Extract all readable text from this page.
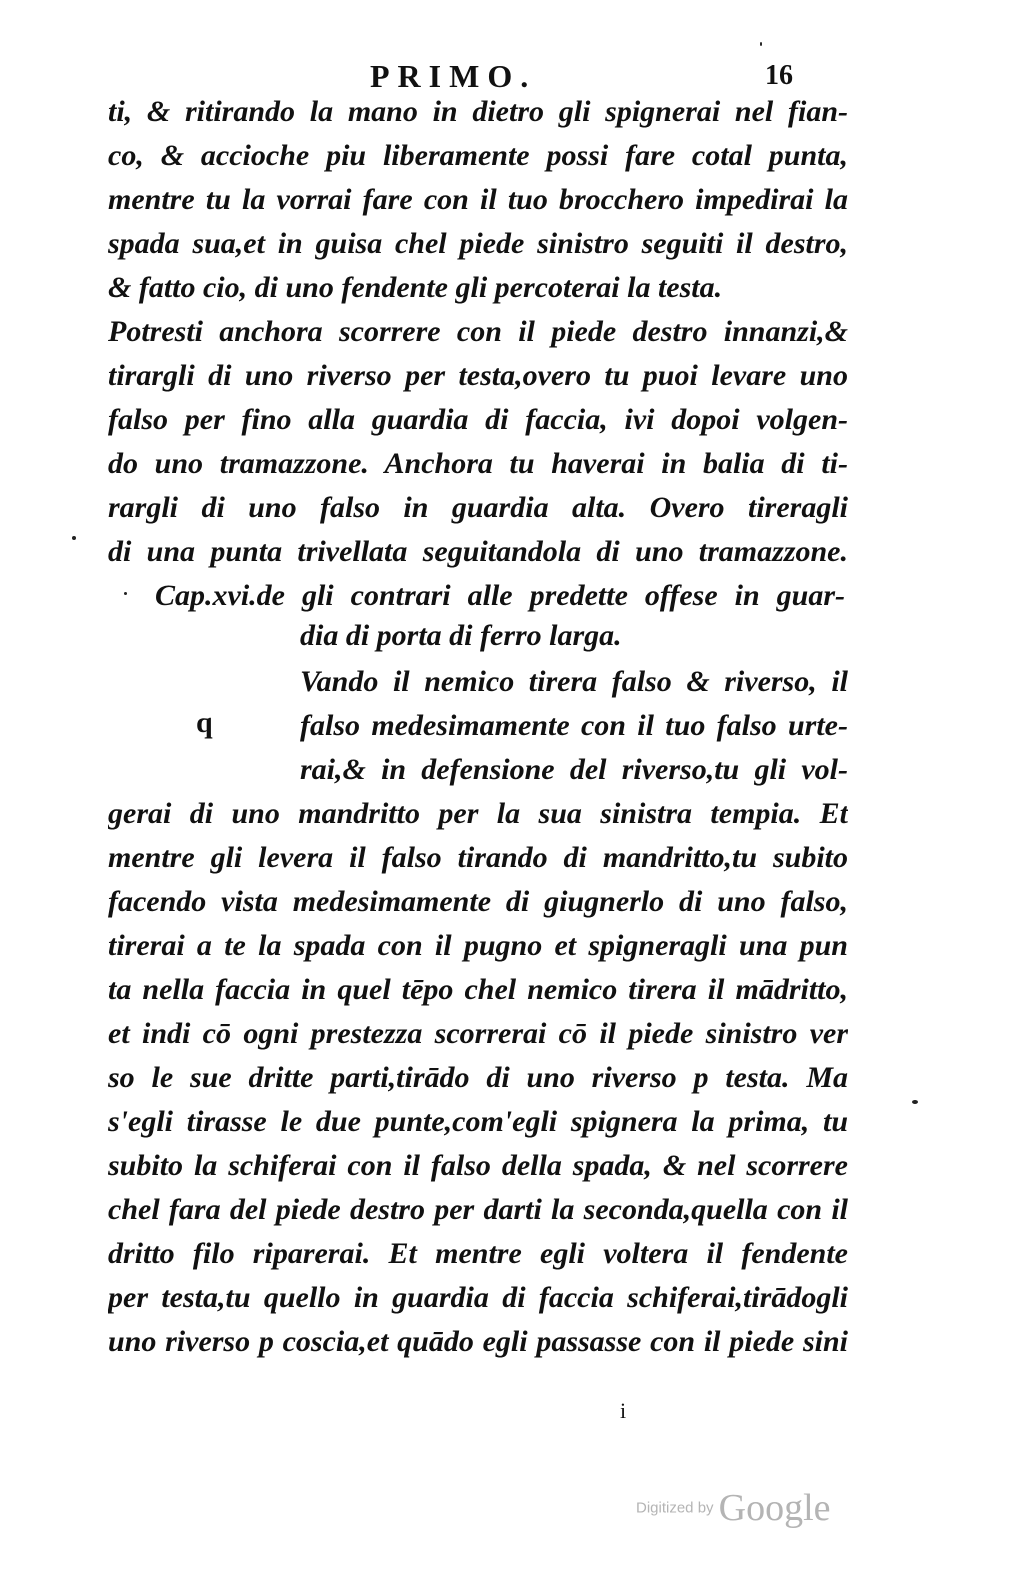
PRIMO.	16
ti, & ritirando la mano in dietro gli spignerai nel fian-
co, & accioche piu liberamente possi fare cotal punta,
mentre tu la vorrai fare con il tuo brocchero impedirai la
spada sua,et in guisa chel piede sinistro seguiti il destro,
& fatto cio, di uno fendente gli percoterai la testa.
Potresti anchora scorrere con il piede destro innanzi,&
tirargli di uno riverso per testa,overo tu puoi levare uno
falso per fino alla guardia di faccia, ivi dopoi volgen-
do uno tramazzone. Anchora tu haverai in balia di ti-
rargli di uno falso in guardia alta. Overo tireragli
di una punta trivellata seguitandola di uno tramazzone.
Cap.xvi.de gli contrari alle predette offese in guar-
dia di porta di ferro larga.
q
Vando il nemico tirera falso & riverso, il
falso medesimamente con il tuo falso urte-
rai,& in defensione del riverso,tu gli vol-
gerai di uno mandritto per la sua sinistra tempia. Et
mentre gli levera il falso tirando di mandritto,tu subito
facendo vista medesimamente di giugnerlo di uno falso,
tirerai a te la spada con il pugno et spigneragli una pun
ta nella faccia in quel tēpo chel nemico tirera il mādritto,
et indi cō ogni prestezza scorrerai cō il piede sinistro ver
so le sue dritte parti,tirādo di uno riverso p testa. Ma
s'egli tirasse le due punte,com'egli spignera la prima, tu
subito la schiferai con il falso della spada, & nel scorrere
chel fara del piede destro per darti la seconda,quella con il
dritto filo riparerai. Et mentre egli voltera il fendente
per testa,tu quello in guardia di faccia schiferai,tirādogli
uno riverso p coscia,et quādo egli passasse con il piede sini
i
Digitized by Google
